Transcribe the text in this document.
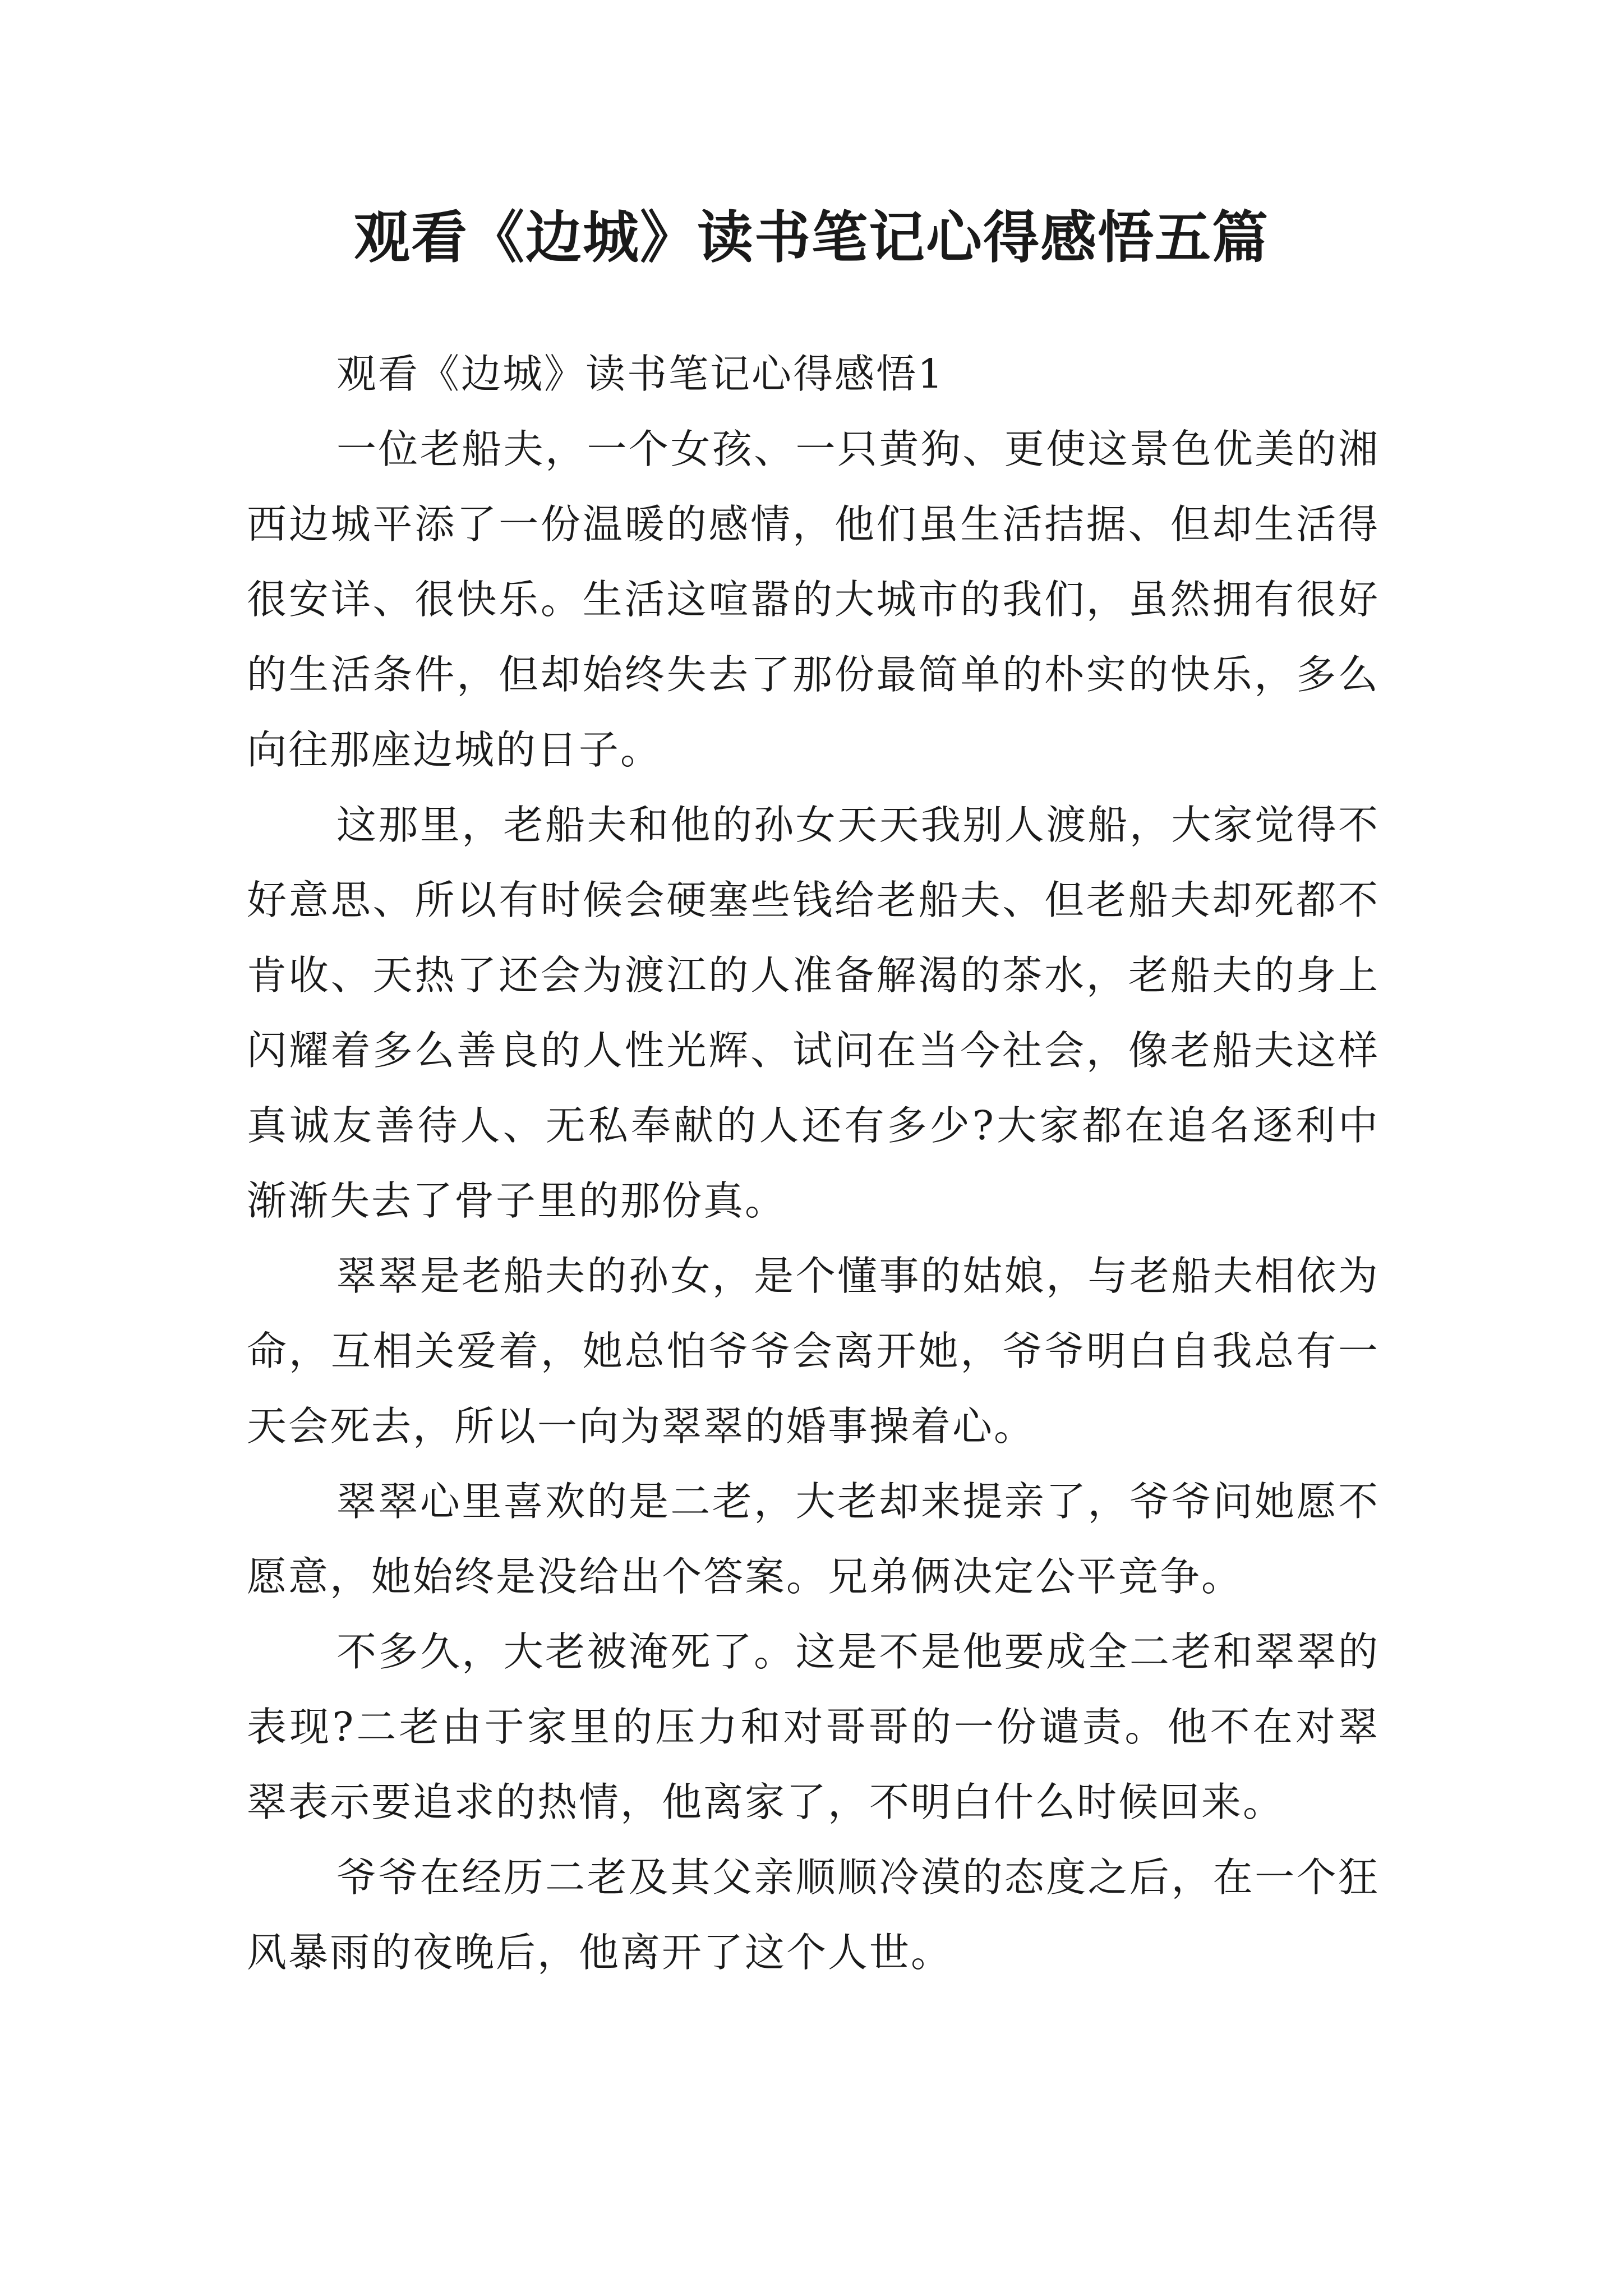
观看《边城》读书笔记心得感悟五篇

观看《边城》读书笔记心得感悟1

一位老船夫，一个女孩、一只黄狗、更使这景色优美的湘西边城平添了一份温暖的感情，他们虽生活拮据、但却生活得很安详、很快乐。生活这喧嚣的大城市的我们，虽然拥有很好的生活条件，但却始终失去了那份最简单的朴实的快乐，多么向往那座边城的日子。

这那里，老船夫和他的孙女天天我别人渡船，大家觉得不好意思、所以有时候会硬塞些钱给老船夫、但老船夫却死都不肯收、天热了还会为渡江的人准备解渴的茶水，老船夫的身上闪耀着多么善良的人性光辉、试问在当今社会，像老船夫这样真诚友善待人、无私奉献的人还有多少?大家都在追名逐利中渐渐失去了骨子里的那份真。

翠翠是老船夫的孙女，是个懂事的姑娘，与老船夫相依为命，互相关爱着，她总怕爷爷会离开她，爷爷明白自我总有一天会死去，所以一向为翠翠的婚事操着心。

翠翠心里喜欢的是二老，大老却来提亲了，爷爷问她愿不愿意，她始终是没给出个答案。兄弟俩决定公平竞争。

不多久，大老被淹死了。这是不是他要成全二老和翠翠的表现?二老由于家里的压力和对哥哥的一份谴责。他不在对翠翠表示要追求的热情，他离家了，不明白什么时候回来。

爷爷在经历二老及其父亲顺顺冷漠的态度之后，在一个狂风暴雨的夜晚后，他离开了这个人世。
